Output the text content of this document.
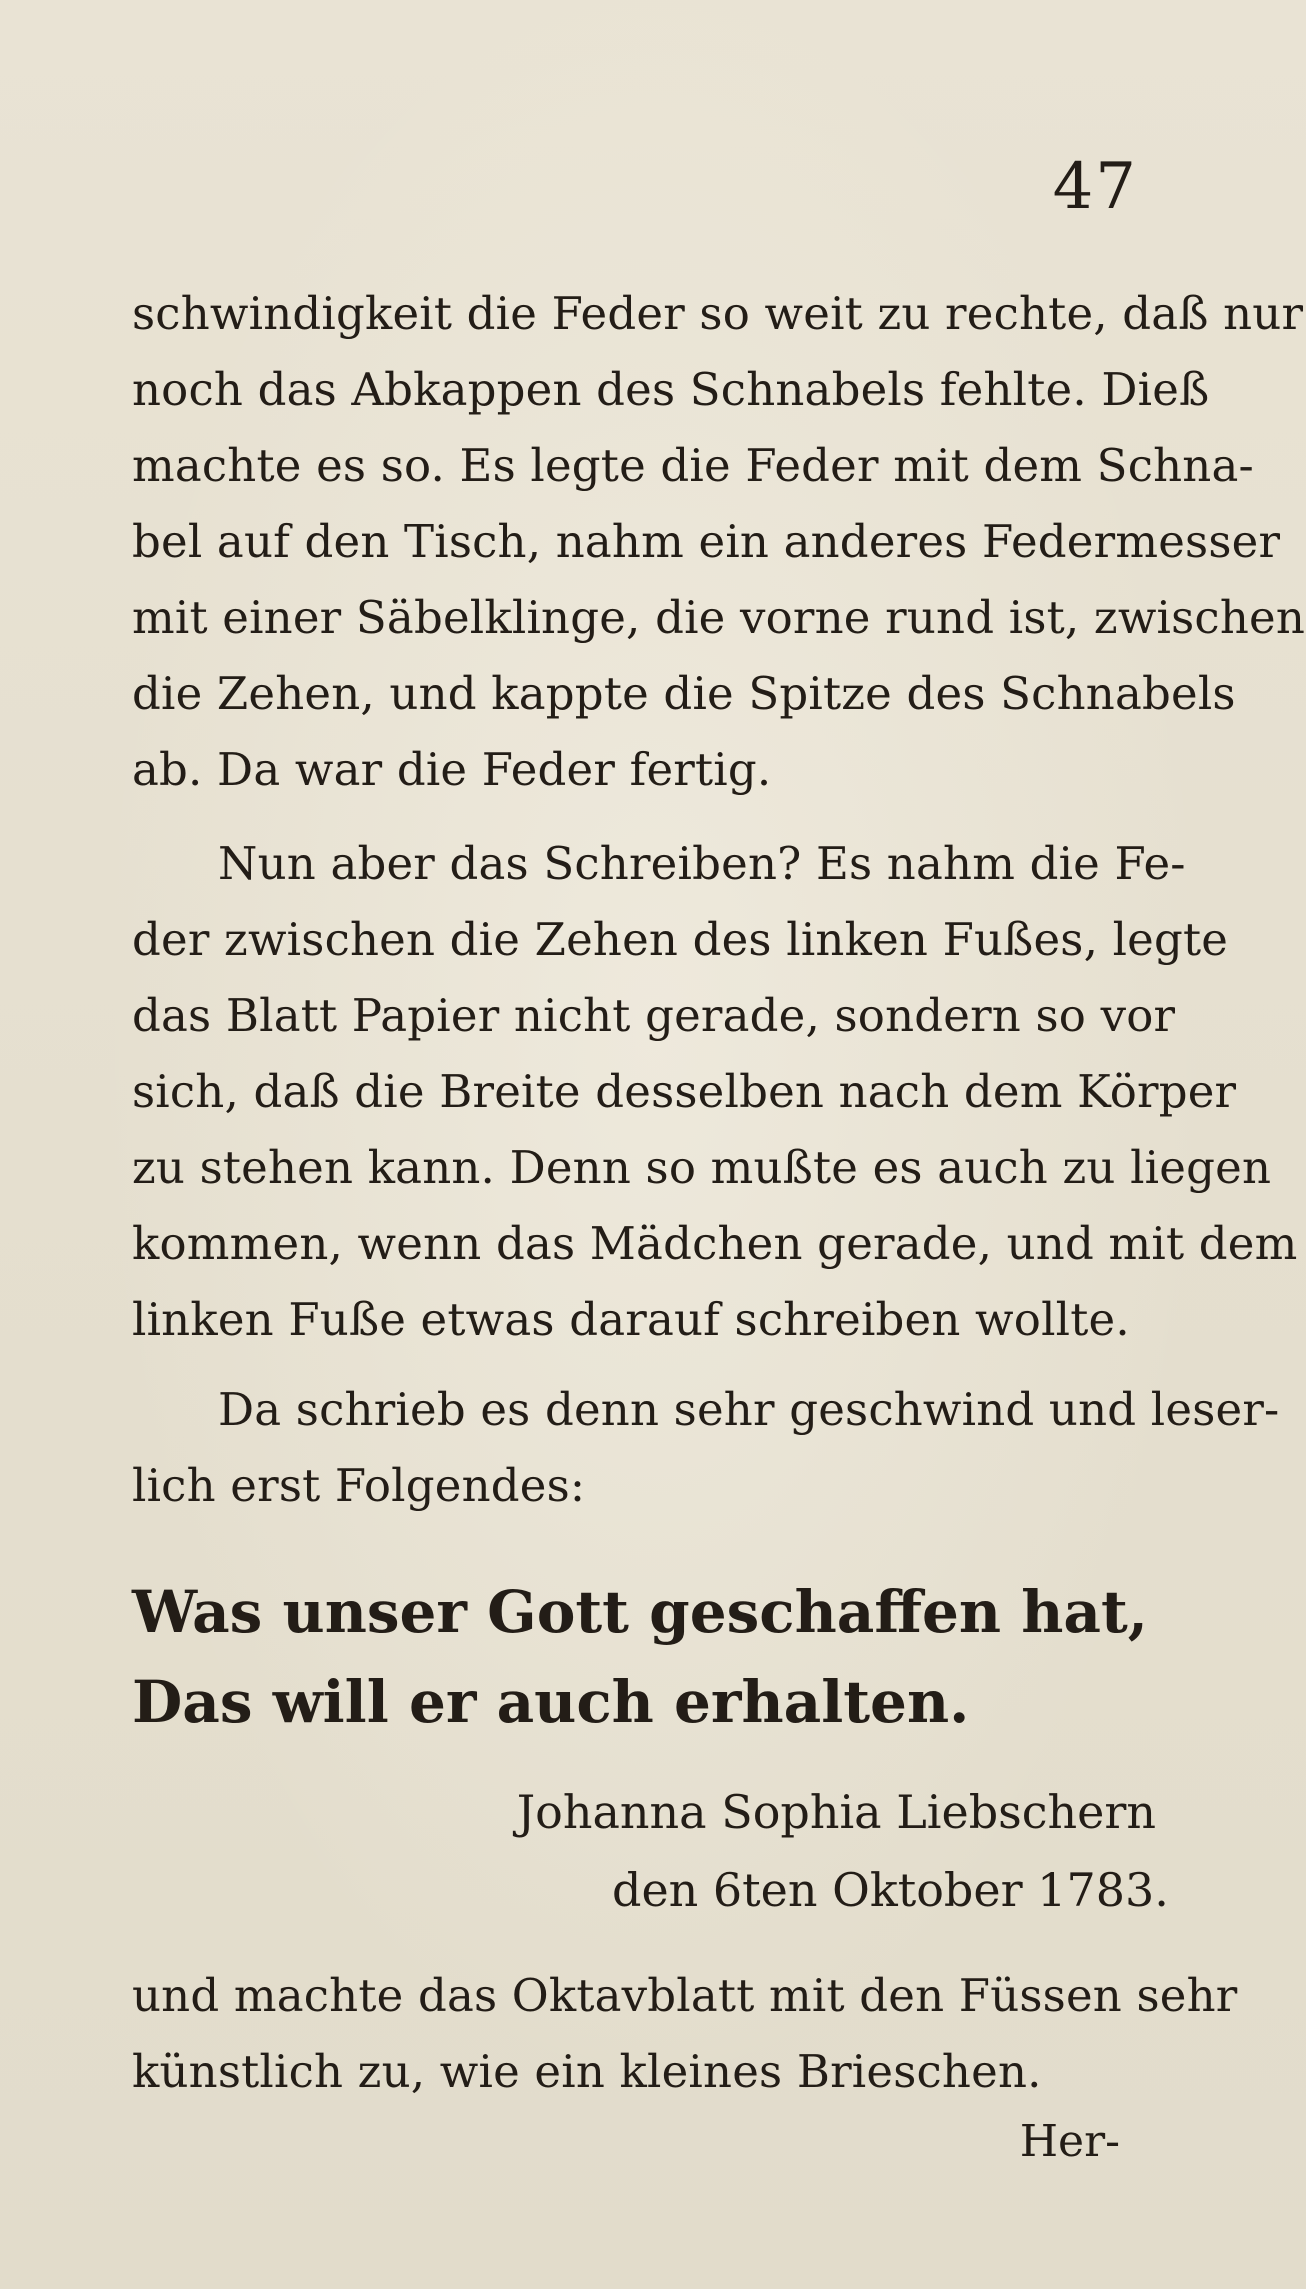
47
schwindigkeit die Feder so weit zu rechte, daß nur
noch das Abkappen des Schnabels fehlte. Dieß
machte es so. Es legte die Feder mit dem Schna-
bel auf den Tisch, nahm ein anderes Federmesser
mit einer Säbelklinge, die vorne rund ist, zwischen
die Zehen, und kappte die Spitze des Schnabels
ab. Da war die Feder fertig.
Nun aber das Schreiben? Es nahm die Fe-
der zwischen die Zehen des linken Fußes, legte
das Blatt Papier nicht gerade, sondern so vor
sich, daß die Breite desselben nach dem Körper
zu stehen kann. Denn so mußte es auch zu liegen
kommen, wenn das Mädchen gerade, und mit dem
linken Fuße etwas darauf schreiben wollte.
Da schrieb es denn sehr geschwind und leser-
lich erst Folgendes:
Was unser Gott geschaffen hat,
Das will er auch erhalten.
Johanna Sophia Liebschern
den 6ten Oktober 1783.
und machte das Oktavblatt mit den Füssen sehr
künstlich zu, wie ein kleines Brieschen.
Her-
